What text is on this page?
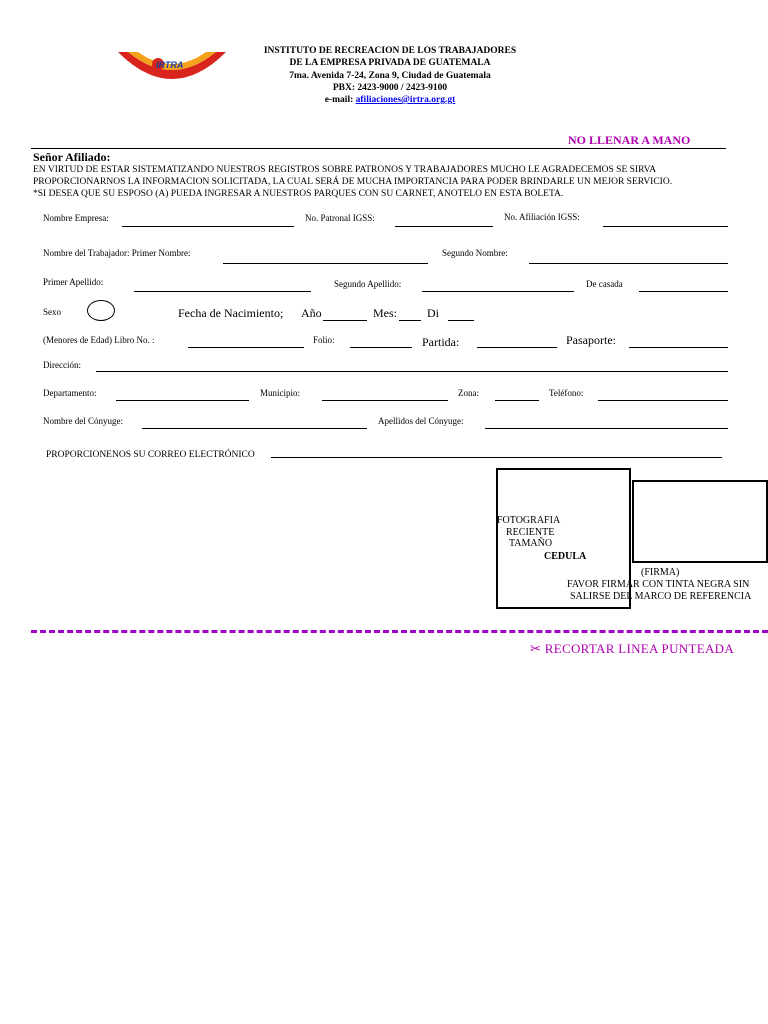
IRTRA
INSTITUTO DE RECREACION DE LOS TRABAJADORES
DE LA EMPRESA PRIVADA DE GUATEMALA
7ma. Avenida 7-24, Zona 9, Ciudad de Guatemala
PBX: 2423-9000 / 2423-9100
e-mail: afiliaciones@irtra.org.gt
NO LLENAR A MANO
Señor Afiliado:
EN VIRTUD DE ESTAR SISTEMATIZANDO NUESTROS REGISTROS SOBRE PATRONOS Y TRABAJADORES MUCHO LE AGRADECEMOS SE SIRVA
PROPORCIONARNOS LA INFORMACION SOLICITADA, LA CUAL SERÁ DE MUCHA IMPORTANCIA PARA PODER BRINDARLE UN MEJOR SERVICIO.
*SI DESEA QUE SU ESPOSO (A) PUEDA INGRESAR A NUESTROS PARQUES CON SU CARNET, ANOTELO EN ESTA BOLETA.
Nombre Empresa:	No. Patronal IGSS:	No. Afiliación IGSS:
Nombre del Trabajador: Primer Nombre:	Segundo Nombre:
Primer Apellido:	Segundo Apellido:	De casada
Sexo	Fecha de Nacimiento; Año	Mes:	Di
(Menores de Edad) Libro No. :	Folio:	Partida:	Pasaporte:
Dirección:
Departamento:	Municipio:	Zona:	Teléfono:
Nombre del Cónyuge:	Apellidos del Cónyuge:
PROPORCIONENOS SU CORREO ELECTRÓNICO
FOTOGRAFIA
RECIENTE
TAMAÑO
CEDULA
(FIRMA)
FAVOR FIRMAR CON TINTA NEGRA SIN
SALIRSE DEL MARCO DE REFERENCIA
✂ RECORTAR LINEA PUNTEADA
